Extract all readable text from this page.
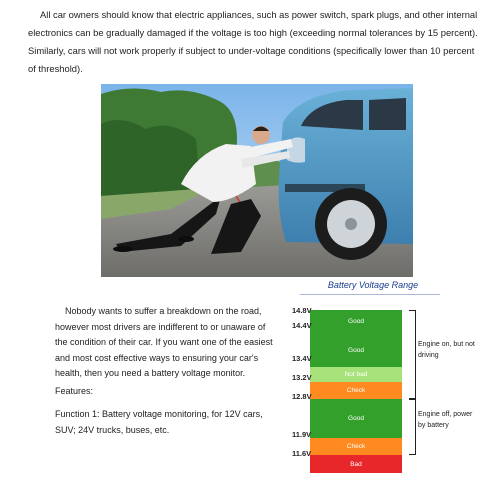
All car owners should know that electric appliances, such as power switch, spark plugs, and other internal electronics can be gradually damaged if the voltage is too high (exceeding normal tolerances by 15 percent). Similarly, cars will not work properly if subject to under-voltage conditions (specifically lower than 10 percent of threshold).

Nobody wants to suffer a breakdown on the road, however most drivers are indifferent to or unaware of the condition of their car. If you want one of the easiest and most cost effective ways to ensuring your car's health, then you need a battery voltage monitor.
Features:
Function 1: Battery voltage monitoring, for 12V cars, SUV; 24V trucks, buses, etc.
Battery Voltage Range
Good
Good
Not bad
Check
Good
Check
Bad
14.8V
14.4V
13.4V
13.2V
12.8V
11.9V
11.6V
Engine on, but not driving
Engine off, power by battery
